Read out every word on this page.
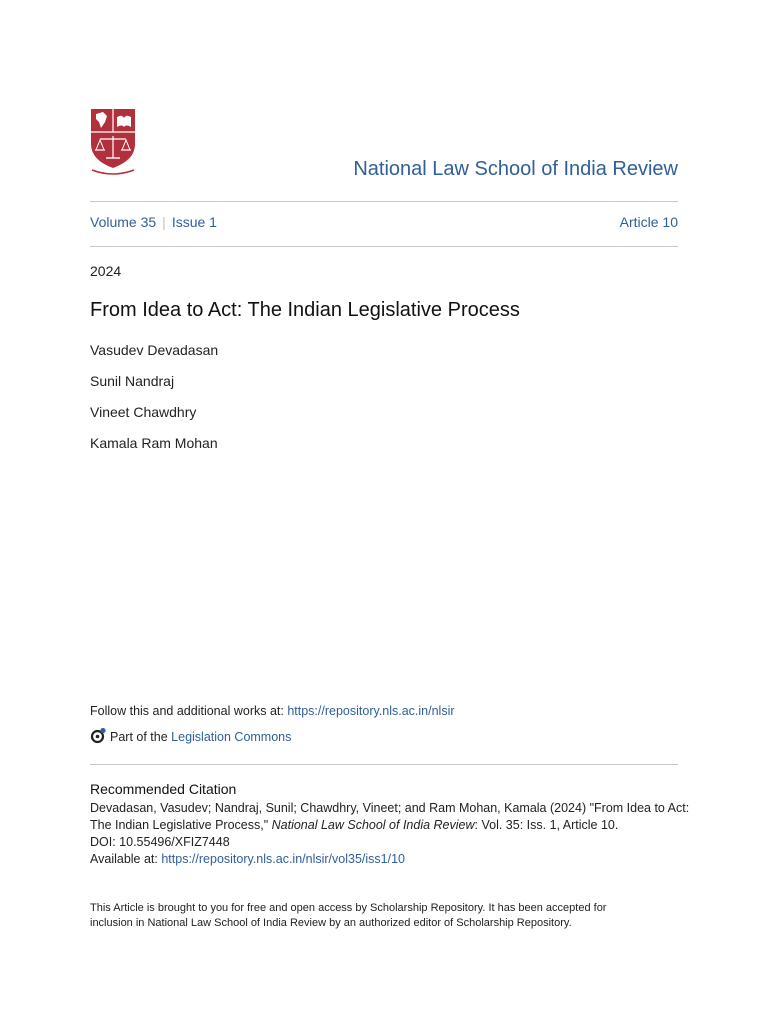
National Law School of India Review
Volume 35 | Issue 1	Article 10
2024
From Idea to Act: The Indian Legislative Process
Vasudev Devadasan
Sunil Nandraj
Vineet Chawdhry
Kamala Ram Mohan
Follow this and additional works at: https://repository.nls.ac.in/nlsir
Part of the
Legislation Commons
Recommended Citation
Devadasan, Vasudev; Nandraj, Sunil; Chawdhry, Vineet; and Ram Mohan, Kamala (2024) "From Idea to Act:
The Indian Legislative Process," National Law School of India Review: Vol. 35: Iss. 1, Article 10.
DOI: 10.55496/XFIZ7448
Available at: https://repository.nls.ac.in/nlsir/vol35/iss1/10
This Article is brought to you for free and open access by Scholarship Repository. It has been accepted for
inclusion in National Law School of India Review by an authorized editor of Scholarship Repository.
